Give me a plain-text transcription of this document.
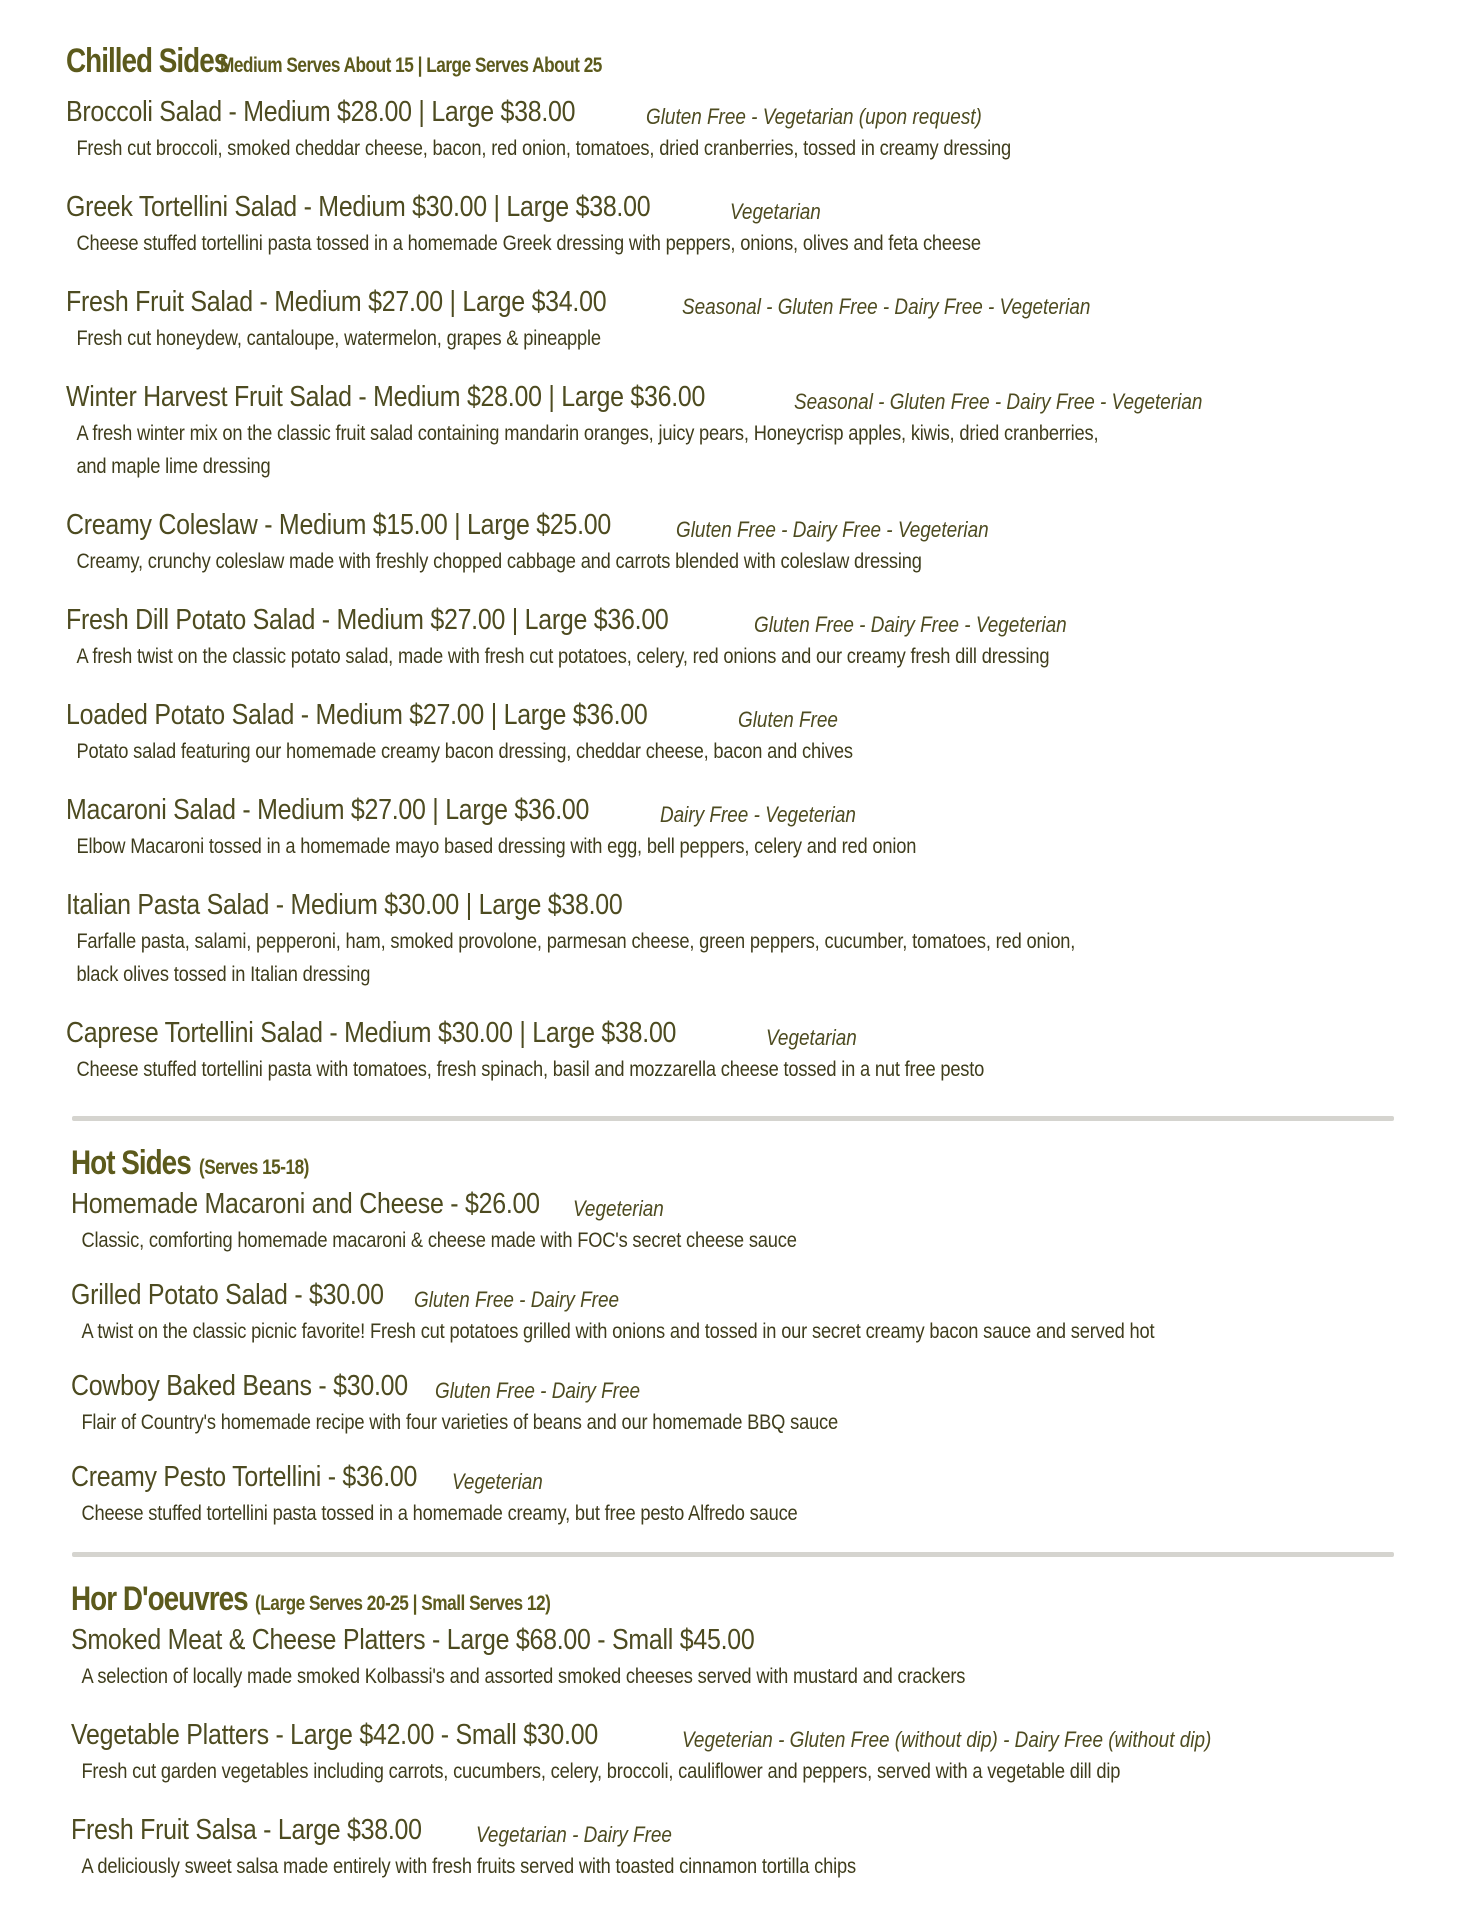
Chilled Sides Medium Serves About 15 | Large Serves About 25
Broccoli Salad - Medium $28.00 | Large $38.00	Gluten Free - Vegetarian (upon request)
Fresh cut broccoli, smoked cheddar cheese, bacon, red onion, tomatoes, dried cranberries, tossed in creamy dressing
Greek Tortellini Salad - Medium $30.00 | Large $38.00	Vegetarian
Cheese stuffed tortellini pasta tossed in a homemade Greek dressing with peppers, onions, olives and feta cheese
Fresh Fruit Salad - Medium $27.00 | Large $34.00	Seasonal - Gluten Free - Dairy Free - Vegeterian
Fresh cut honeydew, cantaloupe, watermelon, grapes & pineapple
Winter Harvest Fruit Salad - Medium $28.00 | Large $36.00	Seasonal - Gluten Free - Dairy Free - Vegeterian
A fresh winter mix on the classic fruit salad containing mandarin oranges, juicy pears, Honeycrisp apples, kiwis, dried cranberries, and maple lime dressing
Creamy Coleslaw - Medium $15.00 | Large $25.00	Gluten Free - Dairy Free - Vegeterian
Creamy, crunchy coleslaw made with freshly chopped cabbage and carrots blended with coleslaw dressing
Fresh Dill Potato Salad - Medium $27.00 | Large $36.00	Gluten Free - Dairy Free - Vegeterian
A fresh twist on the classic potato salad, made with fresh cut potatoes, celery, red onions and our creamy fresh dill dressing
Loaded Potato Salad - Medium $27.00 | Large $36.00	Gluten Free
Potato salad featuring our homemade creamy bacon dressing, cheddar cheese, bacon and chives
Macaroni Salad - Medium $27.00 | Large $36.00	Dairy Free - Vegeterian
Elbow Macaroni tossed in a homemade mayo based dressing with egg, bell peppers, celery and red onion
Italian Pasta Salad - Medium $30.00 | Large $38.00
Farfalle pasta, salami, pepperoni, ham, smoked provolone, parmesan cheese, green peppers, cucumber, tomatoes, red onion, black olives tossed in Italian dressing
Caprese Tortellini Salad - Medium $30.00 | Large $38.00	Vegetarian
Cheese stuffed tortellini pasta with tomatoes, fresh spinach, basil and mozzarella cheese tossed in a nut free pesto
Hot Sides (Serves 15-18)
Homemade Macaroni and Cheese - $26.00 Vegeterian
Classic, comforting homemade macaroni & cheese made with FOC's secret cheese sauce
Grilled Potato Salad - $30.00 Gluten Free - Dairy Free
A twist on the classic picnic favorite! Fresh cut potatoes grilled with onions and tossed in our secret creamy bacon sauce and served hot
Cowboy Baked Beans - $30.00 Gluten Free - Dairy Free
Flair of Country's homemade recipe with four varieties of beans and our homemade BBQ sauce
Creamy Pesto Tortellini - $36.00 Vegeterian
Cheese stuffed tortellini pasta tossed in a homemade creamy, but free pesto Alfredo sauce
Hor D'oeuvres (Large Serves 20-25 | Small Serves 12)
Smoked Meat & Cheese Platters - Large $68.00 - Small $45.00
A selection of locally made smoked Kolbassi's and assorted smoked cheeses served with mustard and crackers
Vegetable Platters - Large $42.00 - Small $30.00	Vegeterian - Gluten Free (without dip) - Dairy Free (without dip)
Fresh cut garden vegetables including carrots, cucumbers, celery, broccoli, cauliflower and peppers, served with a vegetable dill dip
Fresh Fruit Salsa - Large $38.00 Vegetarian - Dairy Free
A deliciously sweet salsa made entirely with fresh fruits served with toasted cinnamon tortilla chips
